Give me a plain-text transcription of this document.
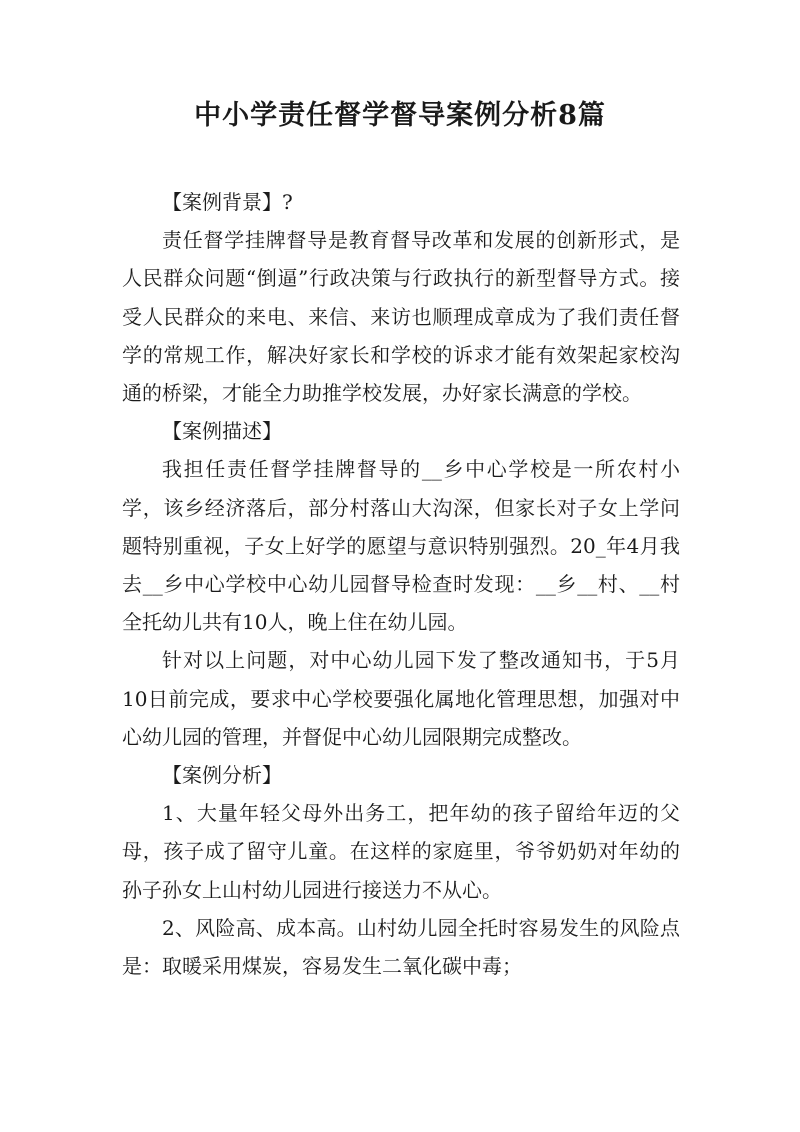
中小学责任督学督导案例分析8篇

【案例背景】?

责任督学挂牌督导是教育督导改革和发展的创新形式，是人民群众问题“倒逼”行政决策与行政执行的新型督导方式。接受人民群众的来电、来信、来访也顺理成章成为了我们责任督学的常规工作，解决好家长和学校的诉求才能有效架起家校沟通的桥梁，才能全力助推学校发展，办好家长满意的学校。

【案例描述】

我担任责任督学挂牌督导的__乡中心学校是一所农村小学，该乡经济落后，部分村落山大沟深，但家长对子女上学问题特别重视，子女上好学的愿望与意识特别强烈。20_年4月我去__乡中心学校中心幼儿园督导检查时发现：__乡__村、__村全托幼儿共有10人，晚上住在幼儿园。

针对以上问题，对中心幼儿园下发了整改通知书，于5月10日前完成，要求中心学校要强化属地化管理思想，加强对中心幼儿园的管理，并督促中心幼儿园限期完成整改。

【案例分析】

1、大量年轻父母外出务工，把年幼的孩子留给年迈的父母，孩子成了留守儿童。在这样的家庭里，爷爷奶奶对年幼的孙子孙女上山村幼儿园进行接送力不从心。

2、风险高、成本高。山村幼儿园全托时容易发生的风险点是：取暖采用煤炭，容易发生二氧化碳中毒；
